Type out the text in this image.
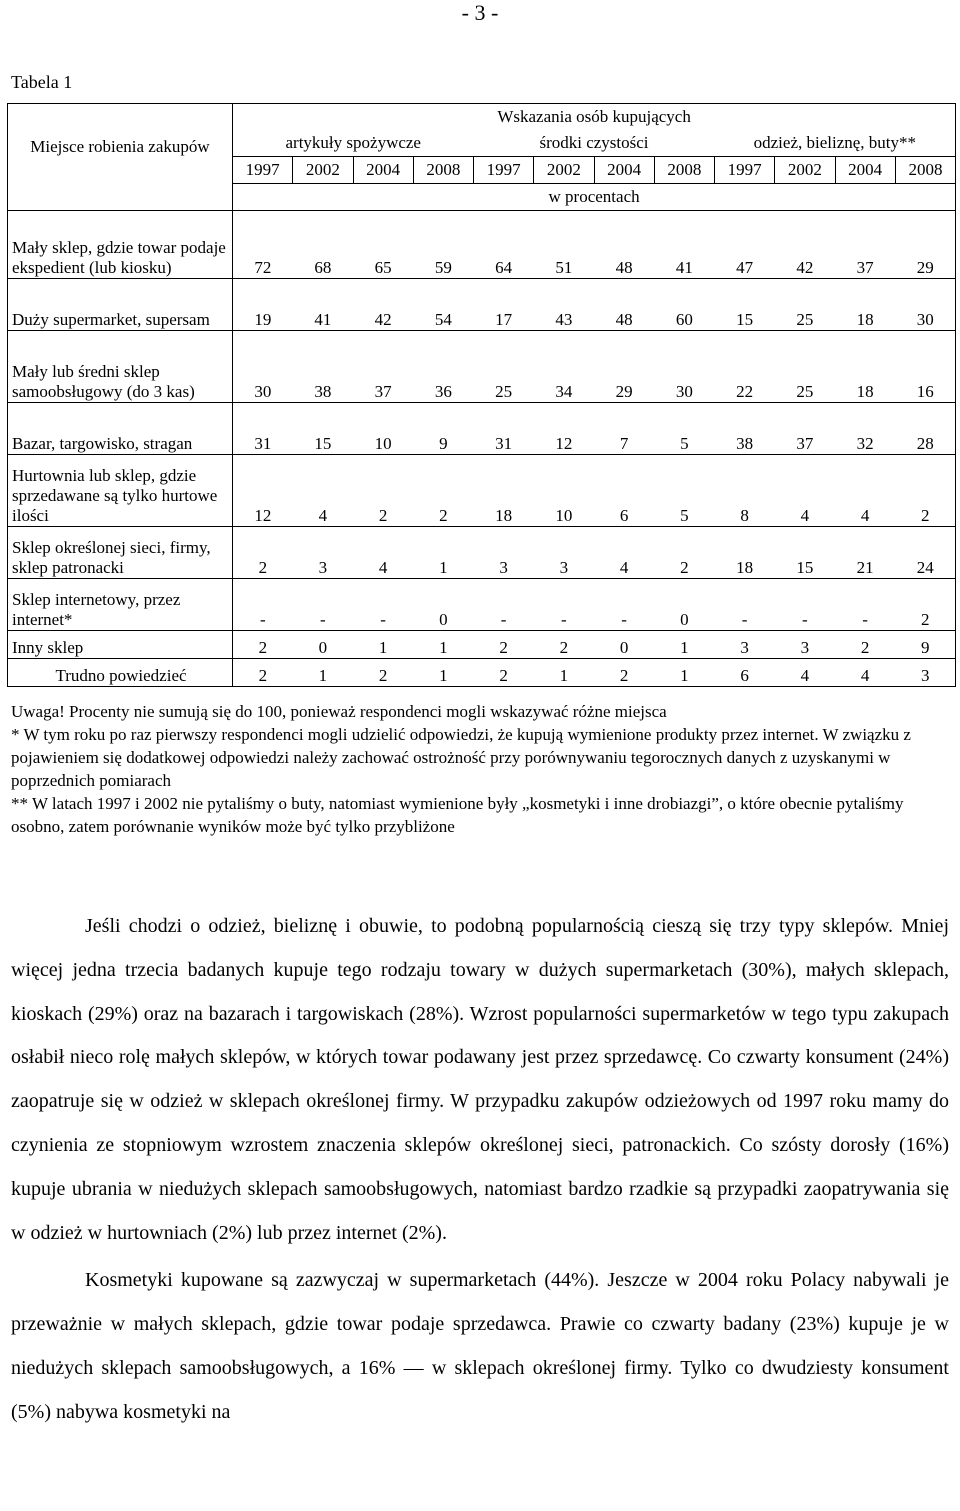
- 3 -
Tabela 1
Miejsce robienia zakupów	Wskazania osób kupujących											
	artykuły spożywcze				środki czystości				odzież, bieliznę, buty**			
	1997	2002	2004	2008	1997	2002	2004	2008	1997	2002	2004	2008
	w procentach											
Mały sklep, gdzie towar podaje ekspedient (lub kiosku)	72	68	65	59	64	51	48	41	47	42	37	29
Duży supermarket, supersam	19	41	42	54	17	43	48	60	15	25	18	30
Mały lub średni sklep samoobsługowy (do 3 kas)	30	38	37	36	25	34	29	30	22	25	18	16
Bazar, targowisko, stragan	31	15	10	9	31	12	7	5	38	37	32	28
Hurtownia lub sklep, gdzie sprzedawane są tylko hurtowe ilości	12	4	2	2	18	10	6	5	8	4	4	2
Sklep określonej sieci, firmy, sklep patronacki	2	3	4	1	3	3	4	2	18	15	21	24
Sklep internetowy, przez internet*	-	-	-	0	-	-	-	0	-	-	-	2
Inny sklep	2	0	1	1	2	2	0	1	3	3	2	9
Trudno powiedzieć	2	1	2	1	2	1	2	1	6	4	4	3

Uwaga! Procenty nie sumują się do 100, ponieważ respondenci mogli wskazywać różne miejsca

* W tym roku po raz pierwszy respondenci mogli udzielić odpowiedzi, że kupują wymienione produkty przez internet. W związku z pojawieniem się dodatkowej odpowiedzi należy zachować ostrożność przy porównywaniu tegorocznych danych z uzyskanymi w poprzednich pomiarach

** W latach 1997 i 2002 nie pytaliśmy o buty, natomiast wymienione były „kosmetyki i inne drobiazgi”, o które obecnie pytaliśmy osobno, zatem porównanie wyników może być tylko przybliżone

Jeśli chodzi o odzież, bieliznę i obuwie, to podobną popularnością cieszą się trzy typy sklepów. Mniej więcej jedna trzecia badanych kupuje tego rodzaju towary w dużych supermarketach (30%), małych sklepach, kioskach (29%) oraz na bazarach i targowiskach (28%). Wzrost popularności supermarketów w tego typu zakupach osłabił nieco rolę małych sklepów, w których towar podawany jest przez sprzedawcę. Co czwarty konsument (24%) zaopatruje się w odzież w sklepach określonej firmy. W przypadku zakupów odzieżowych od 1997 roku mamy do czynienia ze stopniowym wzrostem znaczenia sklepów określonej sieci, patronackich. Co szósty dorosły (16%) kupuje ubrania w niedużych sklepach samoobsługowych, natomiast bardzo rzadkie są przypadki zaopatrywania się w odzież w hurtowniach (2%) lub przez internet (2%).

Kosmetyki kupowane są zazwyczaj w supermarketach (44%). Jeszcze w 2004 roku Polacy nabywali je przeważnie w małych sklepach, gdzie towar podaje sprzedawca. Prawie co czwarty badany (23%) kupuje je w niedużych sklepach samoobsługowych, a 16% — w sklepach określonej firmy. Tylko co dwudziesty konsument (5%) nabywa kosmetyki na
